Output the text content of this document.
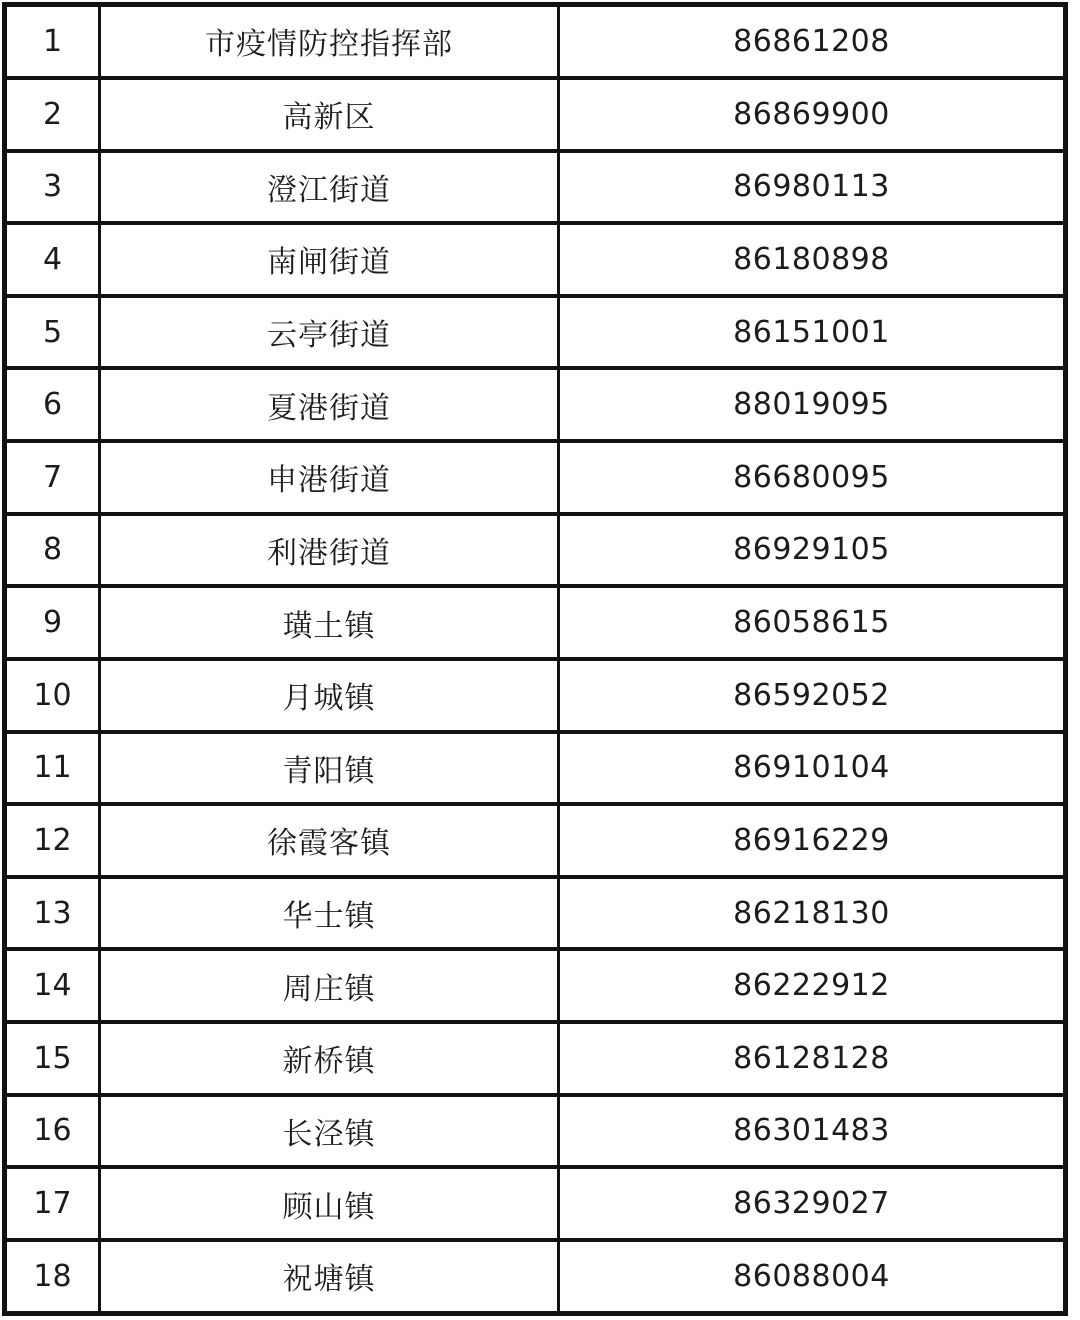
1	市疫情防控指挥部	86861208
2	高新区	86869900
3	澄江街道	86980113
4	南闸街道	86180898
5	云亭街道	86151001
6	夏港街道	88019095
7	申港街道	86680095
8	利港街道	86929105
9	璜土镇	86058615
10	月城镇	86592052
11	青阳镇	86910104
12	徐霞客镇	86916229
13	华士镇	86218130
14	周庄镇	86222912
15	新桥镇	86128128
16	长泾镇	86301483
17	顾山镇	86329027
18	祝塘镇	86088004
